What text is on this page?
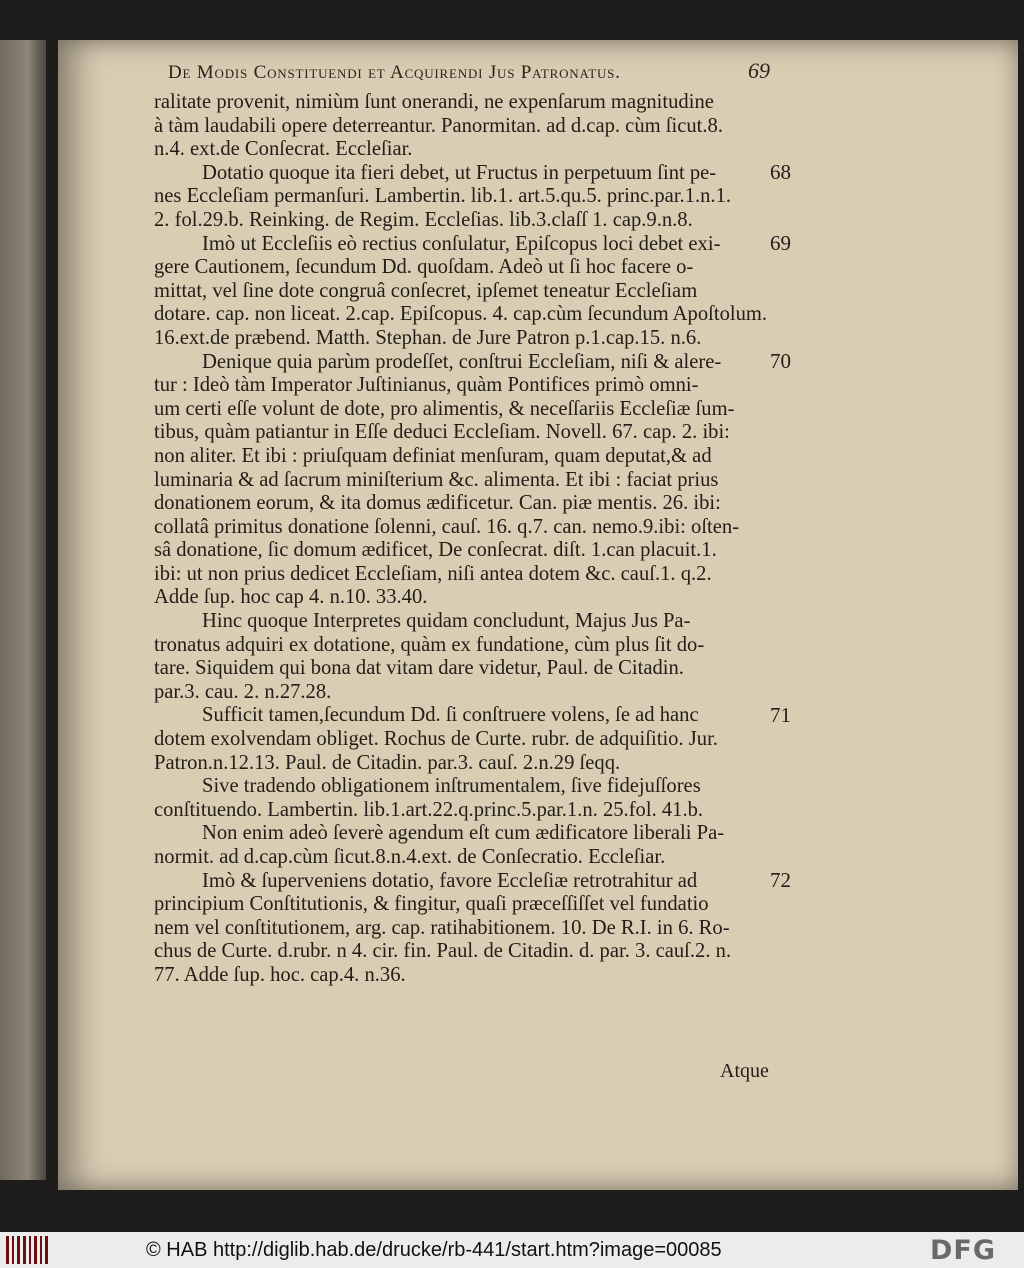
De Modis Constituendi et Acquirendi Jus Patronatus.	69
ralitate provenit, nimiùm ſunt onerandi, ne expenſarum magnitudine
à tàm laudabili opere deterreantur. Panormitan. ad d.cap. cùm ſicut.8.
n.4. ext.de Conſecrat. Eccleſiar.
Dotatio quoque ita fieri debet, ut Fructus in perpetuum ſint pe-
nes Eccleſiam permanſuri. Lambertin. lib.1. art.5.qu.5. princ.par.1.n.1.
2. fol.29.b. Reinking. de Regim. Eccleſias. lib.3.claſſ 1. cap.9.n.8.
Imò ut Eccleſiis eò rectius conſulatur, Epiſcopus loci debet exi-
gere Cautionem, ſecundum Dd. quoſdam. Adeò ut ſi hoc facere o-
mittat, vel ſine dote congruâ conſecret, ipſemet teneatur Eccleſiam
dotare. cap. non liceat. 2.cap. Epiſcopus. 4. cap.cùm ſecundum Apoſtolum.
16.ext.de præbend. Matth. Stephan. de Jure Patron p.1.cap.15. n.6.
Denique quia parùm prodeſſet, conſtrui Eccleſiam, niſi & alere-
tur : Ideò tàm Imperator Juſtinianus, quàm Pontifices primò omni-
um certi eſſe volunt de dote, pro alimentis, & neceſſariis Eccleſiæ ſum-
tibus, quàm patiantur in Eſſe deduci Eccleſiam. Novell. 67. cap. 2. ibi:
non aliter. Et ibi : priuſquam definiat menſuram, quam deputat,& ad
luminaria & ad ſacrum miniſterium &c. alimenta. Et ibi : faciat prius
donationem eorum, & ita domus ædificetur. Can. piæ mentis. 26. ibi:
collatâ primitus donatione ſolenni, cauſ. 16. q.7. can. nemo.9.ibi: oſten-
sâ donatione, ſic domum ædificet, De conſecrat. diſt. 1.can placuit.1.
ibi: ut non prius dedicet Eccleſiam, niſi antea dotem &c. cauſ.1. q.2.
Adde ſup. hoc cap 4. n.10. 33.40.
Hinc quoque Interpretes quidam concludunt, Majus Jus Pa-
tronatus adquiri ex dotatione, quàm ex fundatione, cùm plus ſit do-
tare. Siquidem qui bona dat vitam dare videtur, Paul. de Citadin.
par.3. cau. 2. n.27.28.
Sufficit tamen,ſecundum Dd. ſi conſtruere volens, ſe ad hanc
dotem exolvendam obliget. Rochus de Curte. rubr. de adquiſitio. Jur.
Patron.n.12.13. Paul. de Citadin. par.3. cauſ. 2.n.29 ſeqq.
Sive tradendo obligationem inſtrumentalem, ſive fidejuſſores
conſtituendo. Lambertin. lib.1.art.22.q.princ.5.par.1.n. 25.fol. 41.b.
Non enim adeò ſeverè agendum eſt cum ædificatore liberali Pa-
normit. ad d.cap.cùm ſicut.8.n.4.ext. de Conſecratio. Eccleſiar.
Imò & ſuperveniens dotatio, favore Eccleſiæ retrotrahitur ad
principium Conſtitutionis, & fingitur, quaſi præceſſiſſet vel fundatio
nem vel conſtitutionem, arg. cap. ratihabitionem. 10. De R.I. in 6. Ro-
chus de Curte. d.rubr. n 4. cir. fin. Paul. de Citadin. d. par. 3. cauſ.2. n.
77. Adde ſup. hoc. cap.4. n.36.
68
69
70
71
72
Atque
© HAB http://diglib.hab.de/drucke/rb-441/start.htm?image=00085	DFG
